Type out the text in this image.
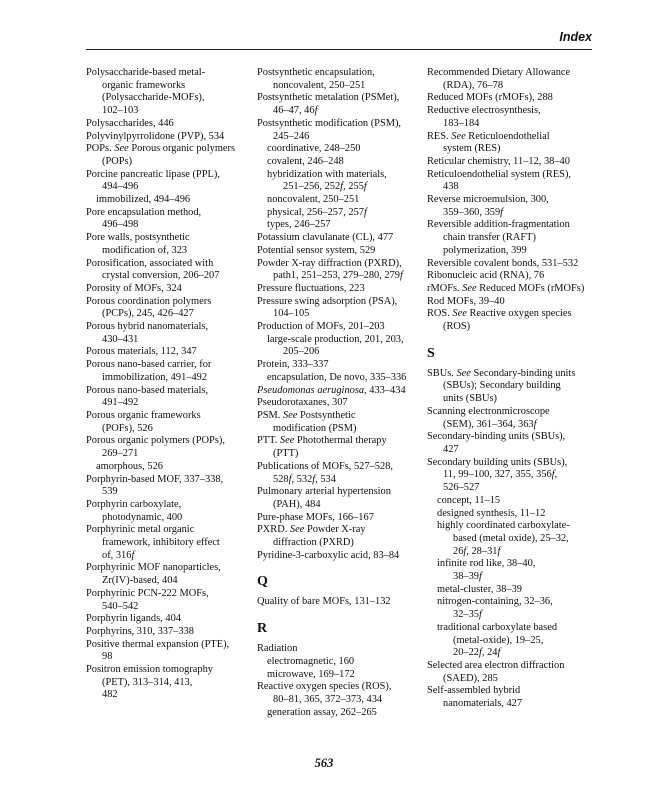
Index
Polysaccharide-based metal-
organic frameworks
(Polysaccharide-MOFs),
102–103
Polysaccharides, 446
Polyvinylpyrrolidone (PVP), 534
POPs. See Porous organic polymers
(POPs)
Porcine pancreatic lipase (PPL),
494–496
immobilized, 494–496
Pore encapsulation method,
496–498
Pore walls, postsynthetic
modification of, 323
Porosification, associated with
crystal conversion, 206–207
Porosity of MOFs, 324
Porous coordination polymers
(PCPs), 245, 426–427
Porous hybrid nanomaterials,
430–431
Porous materials, 112, 347
Porous nano-based carrier, for
immobilization, 491–492
Porous nano-based materials,
491–492
Porous organic frameworks
(POFs), 526
Porous organic polymers (POPs),
269–271
amorphous, 526
Porphyrin-based MOF, 337–338,
539
Porphyrin carboxylate,
photodynamic, 400
Porphyrinic metal organic
framework, inhibitory effect
of, 316f
Porphyrinic MOF nanoparticles,
Zr(IV)-based, 404
Porphyrinic PCN-222 MOFs,
540–542
Porphyrin ligands, 404
Porphyrins, 310, 337–338
Positive thermal expansion (PTE),
98
Positron emission tomography
(PET), 313–314, 413,
482
Postsynthetic encapsulation,
noncovalent, 250–251
Postsynthetic metalation (PSMet),
46–47, 46f
Postsynthetic modification (PSM),
245–246
coordinative, 248–250
covalent, 246–248
hybridization with materials,
251–256, 252f, 255f
noncovalent, 250–251
physical, 256–257, 257f
types, 246–257
Potassium clavulanate (CL), 477
Potential sensor system, 529
Powder X-ray diffraction (PXRD),
path1, 251–253, 279–280, 279f
Pressure fluctuations, 223
Pressure swing adsorption (PSA),
104–105
Production of MOFs, 201–203
large-scale production, 201, 203,
205–206
Protein, 333–337
encapsulation, De novo, 335–336
Pseudomonas aeruginosa, 433–434
Pseudorotaxanes, 307
PSM. See Postsynthetic
modification (PSM)
PTT. See Photothermal therapy
(PTT)
Publications of MOFs, 527–528,
528f, 532f, 534
Pulmonary arterial hypertension
(PAH), 484
Pure-phase MOFs, 166–167
PXRD. See Powder X-ray
diffraction (PXRD)
Pyridine-3-carboxylic acid, 83–84
Q
Quality of bare MOFs, 131–132
R
Radiation
electromagnetic, 160
microwave, 169–172
Reactive oxygen species (ROS),
80–81, 365, 372–373, 434
generation assay, 262–265
Recommended Dietary Allowance
(RDA), 76–78
Reduced MOFs (rMOFs), 288
Reductive electrosynthesis,
183–184
RES. See Reticuloendothelial
system (RES)
Reticular chemistry, 11–12, 38–40
Reticuloendothelial system (RES),
438
Reverse microemulsion, 300,
359–360, 359f
Reversible addition-fragmentation
chain transfer (RAFT)
polymerization, 399
Reversible covalent bonds, 531–532
Ribonucleic acid (RNA), 76
rMOFs. See Reduced MOFs (rMOFs)
Rod MOFs, 39–40
ROS. See Reactive oxygen species
(ROS)
S
SBUs. See Secondary-binding units
(SBUs); Secondary building
units (SBUs)
Scanning electronmicroscope
(SEM), 361–364, 363f
Secondary-binding units (SBUs),
427
Secondary building units (SBUs),
11, 99–100, 327, 355, 356f,
526–527
concept, 11–15
designed synthesis, 11–12
highly coordinated carboxylate-
based (metal oxide), 25–32,
26f, 28–31f
infinite rod like, 38–40,
38–39f
metal-cluster, 38–39
nitrogen-containing, 32–36,
32–35f
traditional carboxylate based
(metal-oxide), 19–25,
20–22f, 24f
Selected area electron diffraction
(SAED), 285
Self-assembled hybrid
nanomaterials, 427
563
